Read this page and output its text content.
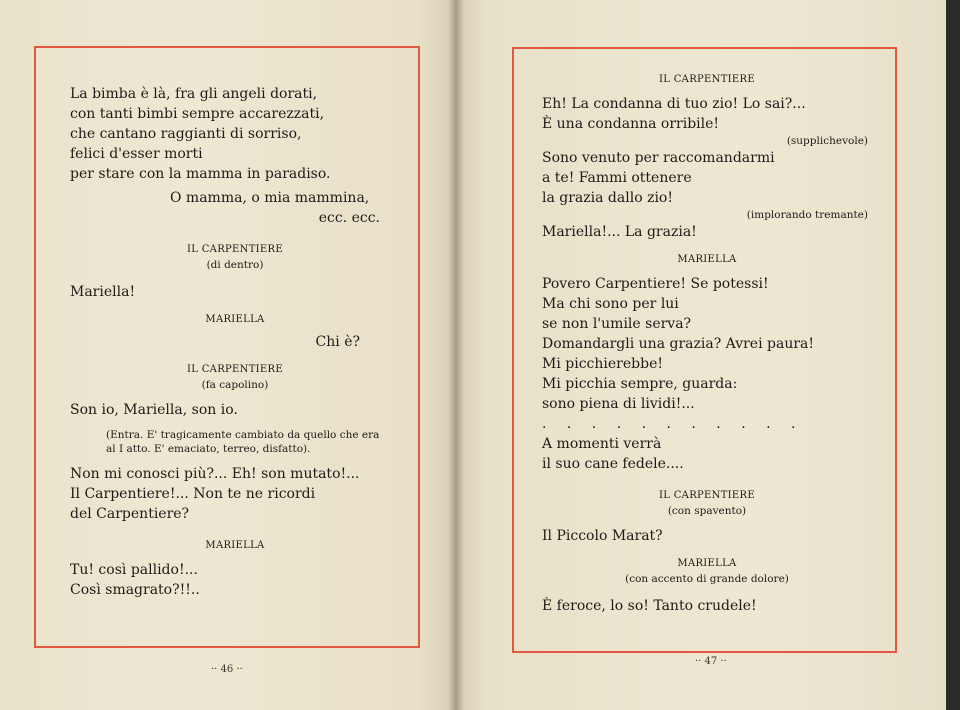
La bimba è là, fra gli angeli dorati,
con tanti bimbi sempre accarezzati,
che cantano raggianti di sorriso,
felici d'esser morti
per stare con la mamma in paradiso.
O mamma, o mia mammina,
ecc. ecc.
IL CARPENTIERE
(di dentro)
Mariella!
MARIELLA
Chi è?
IL CARPENTIERE
(fa capolino)
Son io, Mariella, son io.
(Entra. E' tragicamente cambiato da quello che era
al I atto. E' emaciato, terreo, disfatto).
Non mi conosci più?... Eh! son mutato!...
Il Carpentiere!... Non te ne ricordi
del Carpentiere?
MARIELLA
Tu! così pallido!...
Così smagrato?!!..
·· 46 ··
IL CARPENTIERE
Eh! La condanna di tuo zio! Lo sai?...
È una condanna orribile!
(supplichevole)
Sono venuto per raccomandarmi
a te! Fammi ottenere
la grazia dallo zio!
(implorando tremante)
Mariella!... La grazia!
MARIELLA
Povero Carpentiere! Se potessi!
Ma chi sono per lui
se non l'umile serva?
Domandargli una grazia? Avrei paura!
Mi picchierebbe!
Mi picchia sempre, guarda:
sono piena di lividi!...
. . . . . . . . . . .
A momenti verrà
il suo cane fedele....
IL CARPENTIERE
(con spavento)
Il Piccolo Marat?
MARIELLA
(con accento di grande dolore)
È feroce, lo so! Tanto crudele!
·· 47 ··
